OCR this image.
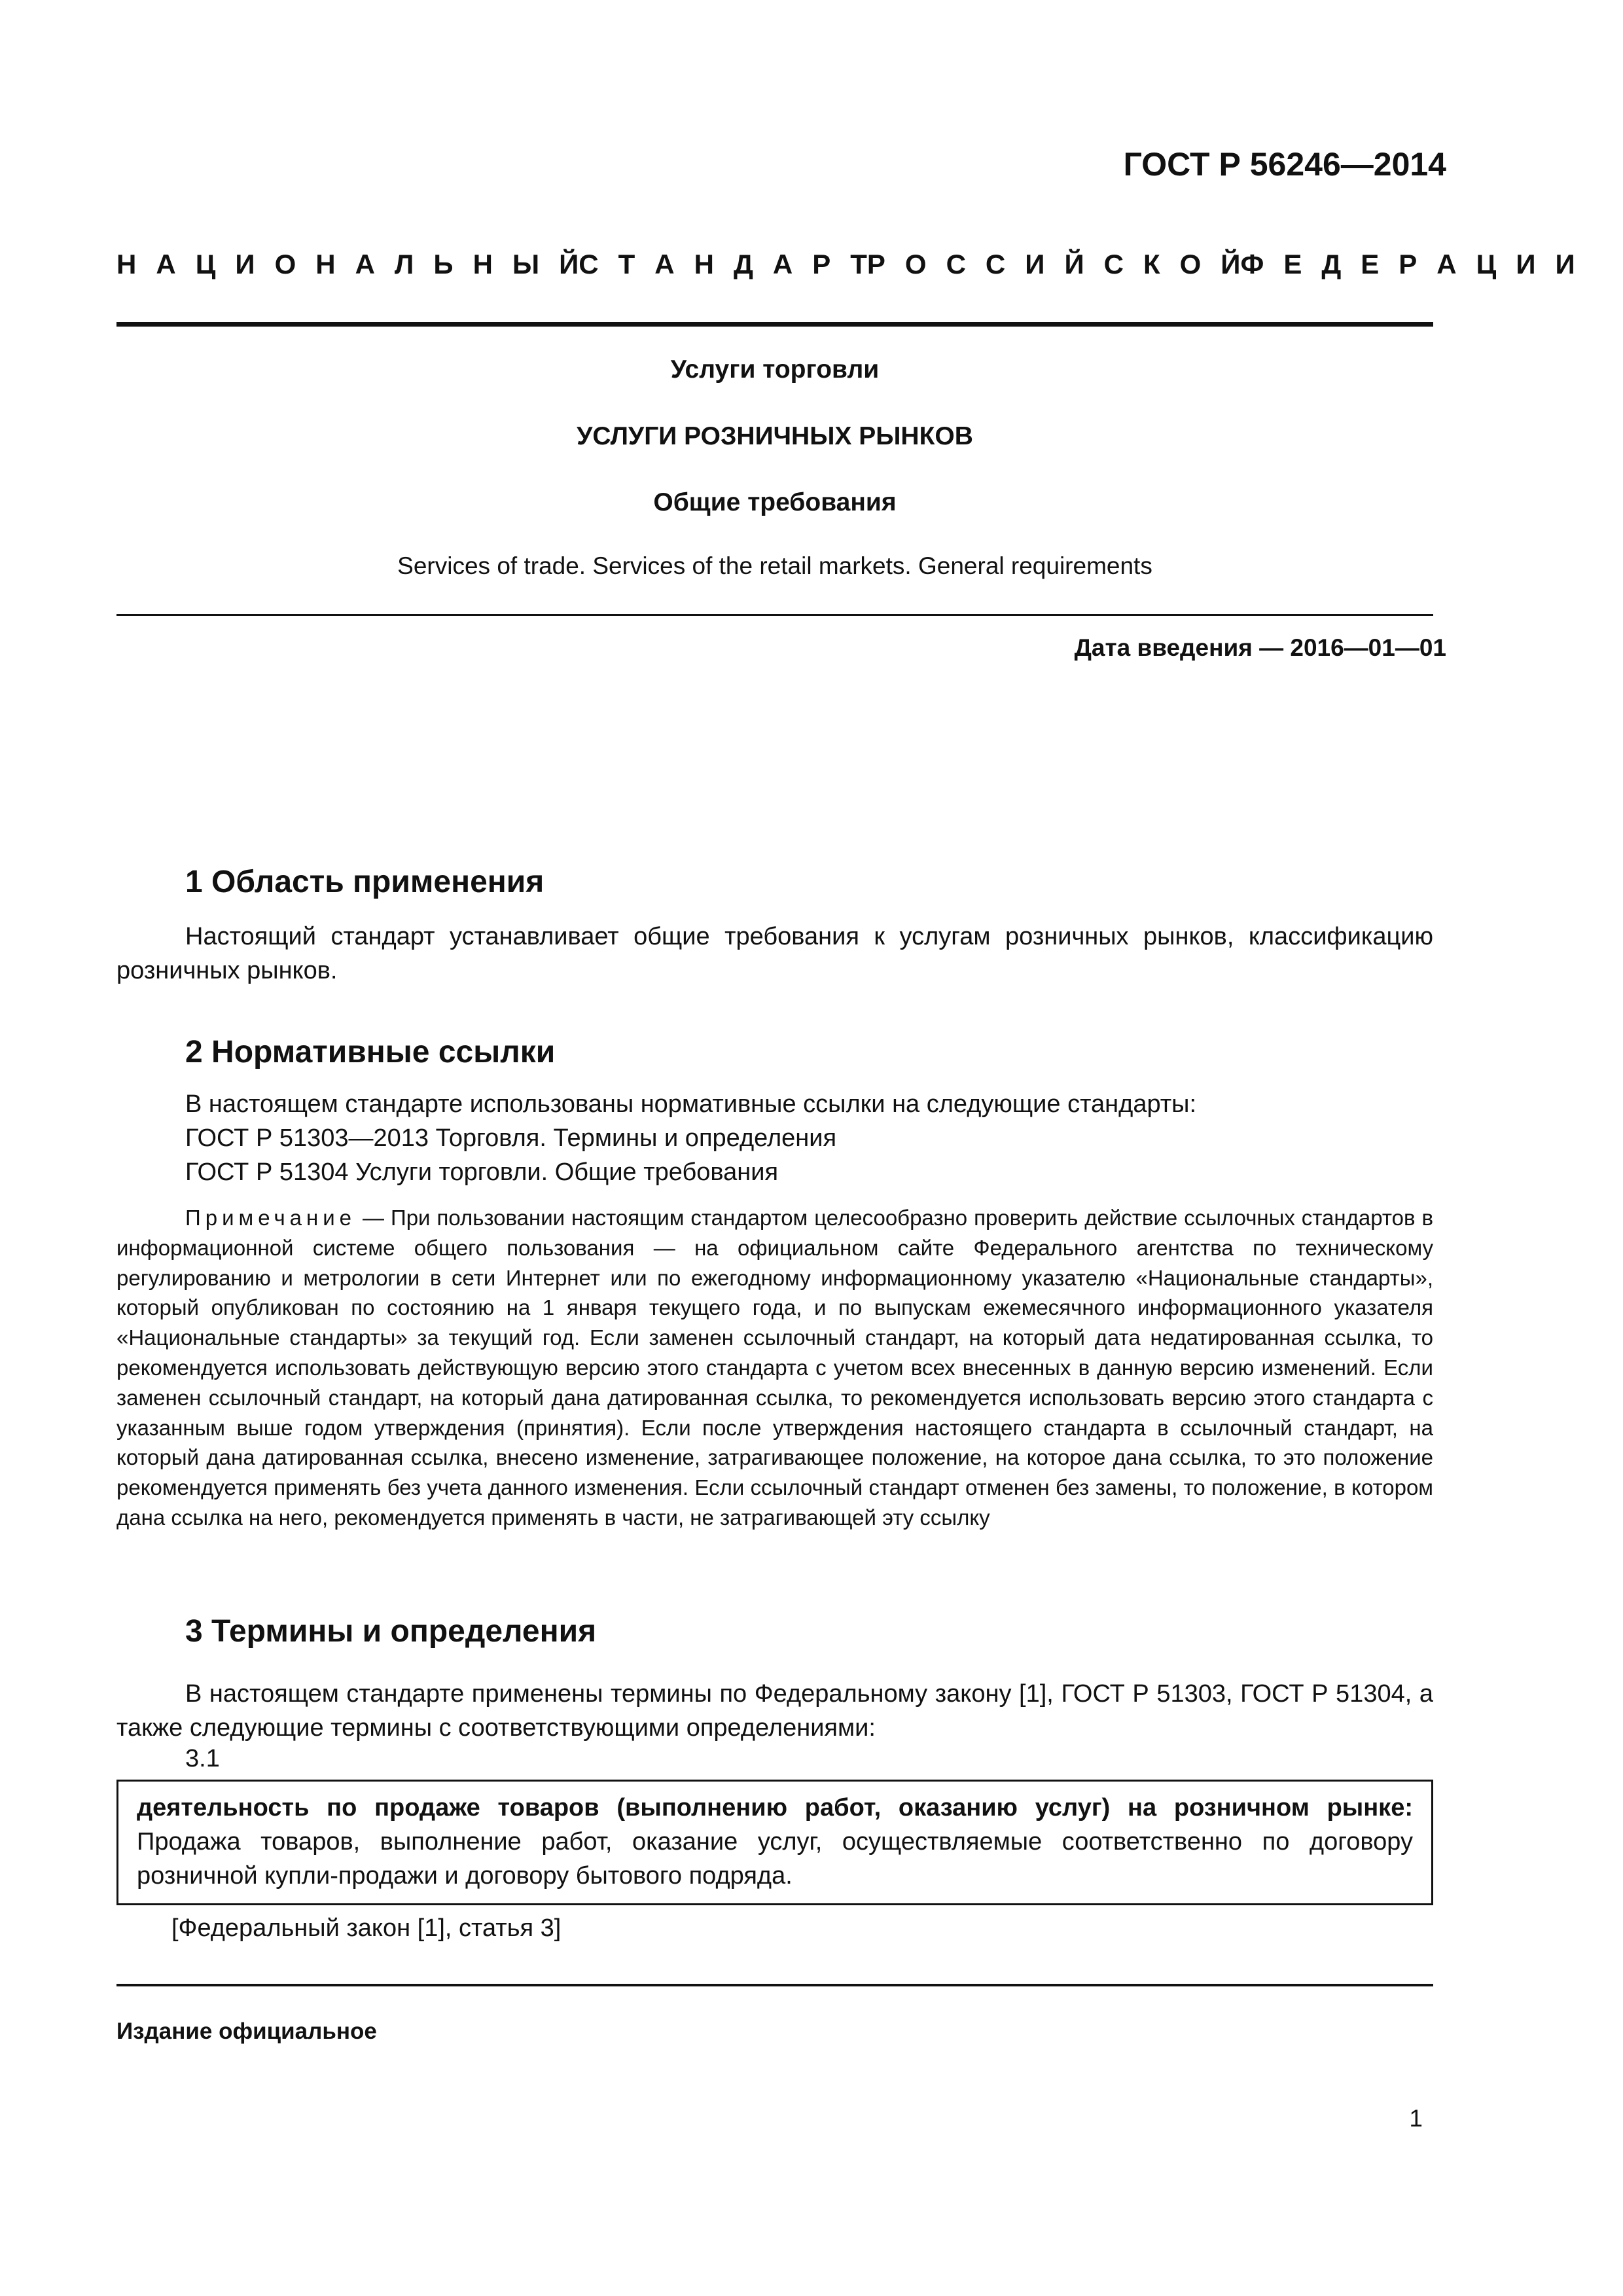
ГОСТ Р 56246—2014
Н А Ц И О Н А Л Ь Н Ы Й С Т А Н Д А Р Т Р О С С И Й С К О Й Ф Е Д Е Р А Ц И И
Услуги торговли
УСЛУГИ РОЗНИЧНЫХ РЫНКОВ
Общие требования
Services of trade. Services of the retail markets. General requirements
Дата введения — 2016—01—01
1 Область применения

Настоящий стандарт устанавливает общие требования к услугам розничных рынков, классификацию розничных рынков.

2 Нормативные ссылки
В настоящем стандарте использованы нормативные ссылки на следующие стандарты:
ГОСТ Р 51303—2013 Торговля. Термины и определения
ГОСТ Р 51304 Услуги торговли. Общие требования

Примечание — При пользовании настоящим стандартом целесообразно проверить действие ссылочных стандартов в информационной системе общего пользования — на официальном сайте Федерального агентства по техническому регулированию и метрологии в сети Интернет или по ежегодному информационному указателю «Национальные стандарты», который опубликован по состоянию на 1 января текущего года, и по выпускам ежемесячного информационного указателя «Национальные стандарты» за текущий год. Если заменен ссылочный стандарт, на который дата недатированная ссылка, то рекомендуется использовать действующую версию этого стандарта с учетом всех внесенных в данную версию изменений. Если заменен ссылочный стандарт, на который дана датированная ссылка, то рекомендуется использовать версию этого стандарта с указанным выше годом утверждения (принятия). Если после утверждения настоящего стандарта в ссылочный стандарт, на который дана датированная ссылка, внесено изменение, затрагивающее положение, на которое дана ссылка, то это положение рекомендуется применять без учета данного изменения. Если ссылочный стандарт отменен без замены, то положение, в котором дана ссылка на него, рекомендуется применять в части, не затрагивающей эту ссылку

3 Термины и определения

В настоящем стандарте применены термины по Федеральному закону [1], ГОСТ Р 51303, ГОСТ Р 51304, а также следующие термины с соответствующими определениями:

3.1
деятельность по продаже товаров (выполнению работ, оказанию услуг) на розничном рынке: Продажа товаров, выполнение работ, оказание услуг, осуществляемые соответственно по договору розничной купли-продажи и договору бытового подряда.
[Федеральный закон [1], статья 3]
Издание официальное
1
